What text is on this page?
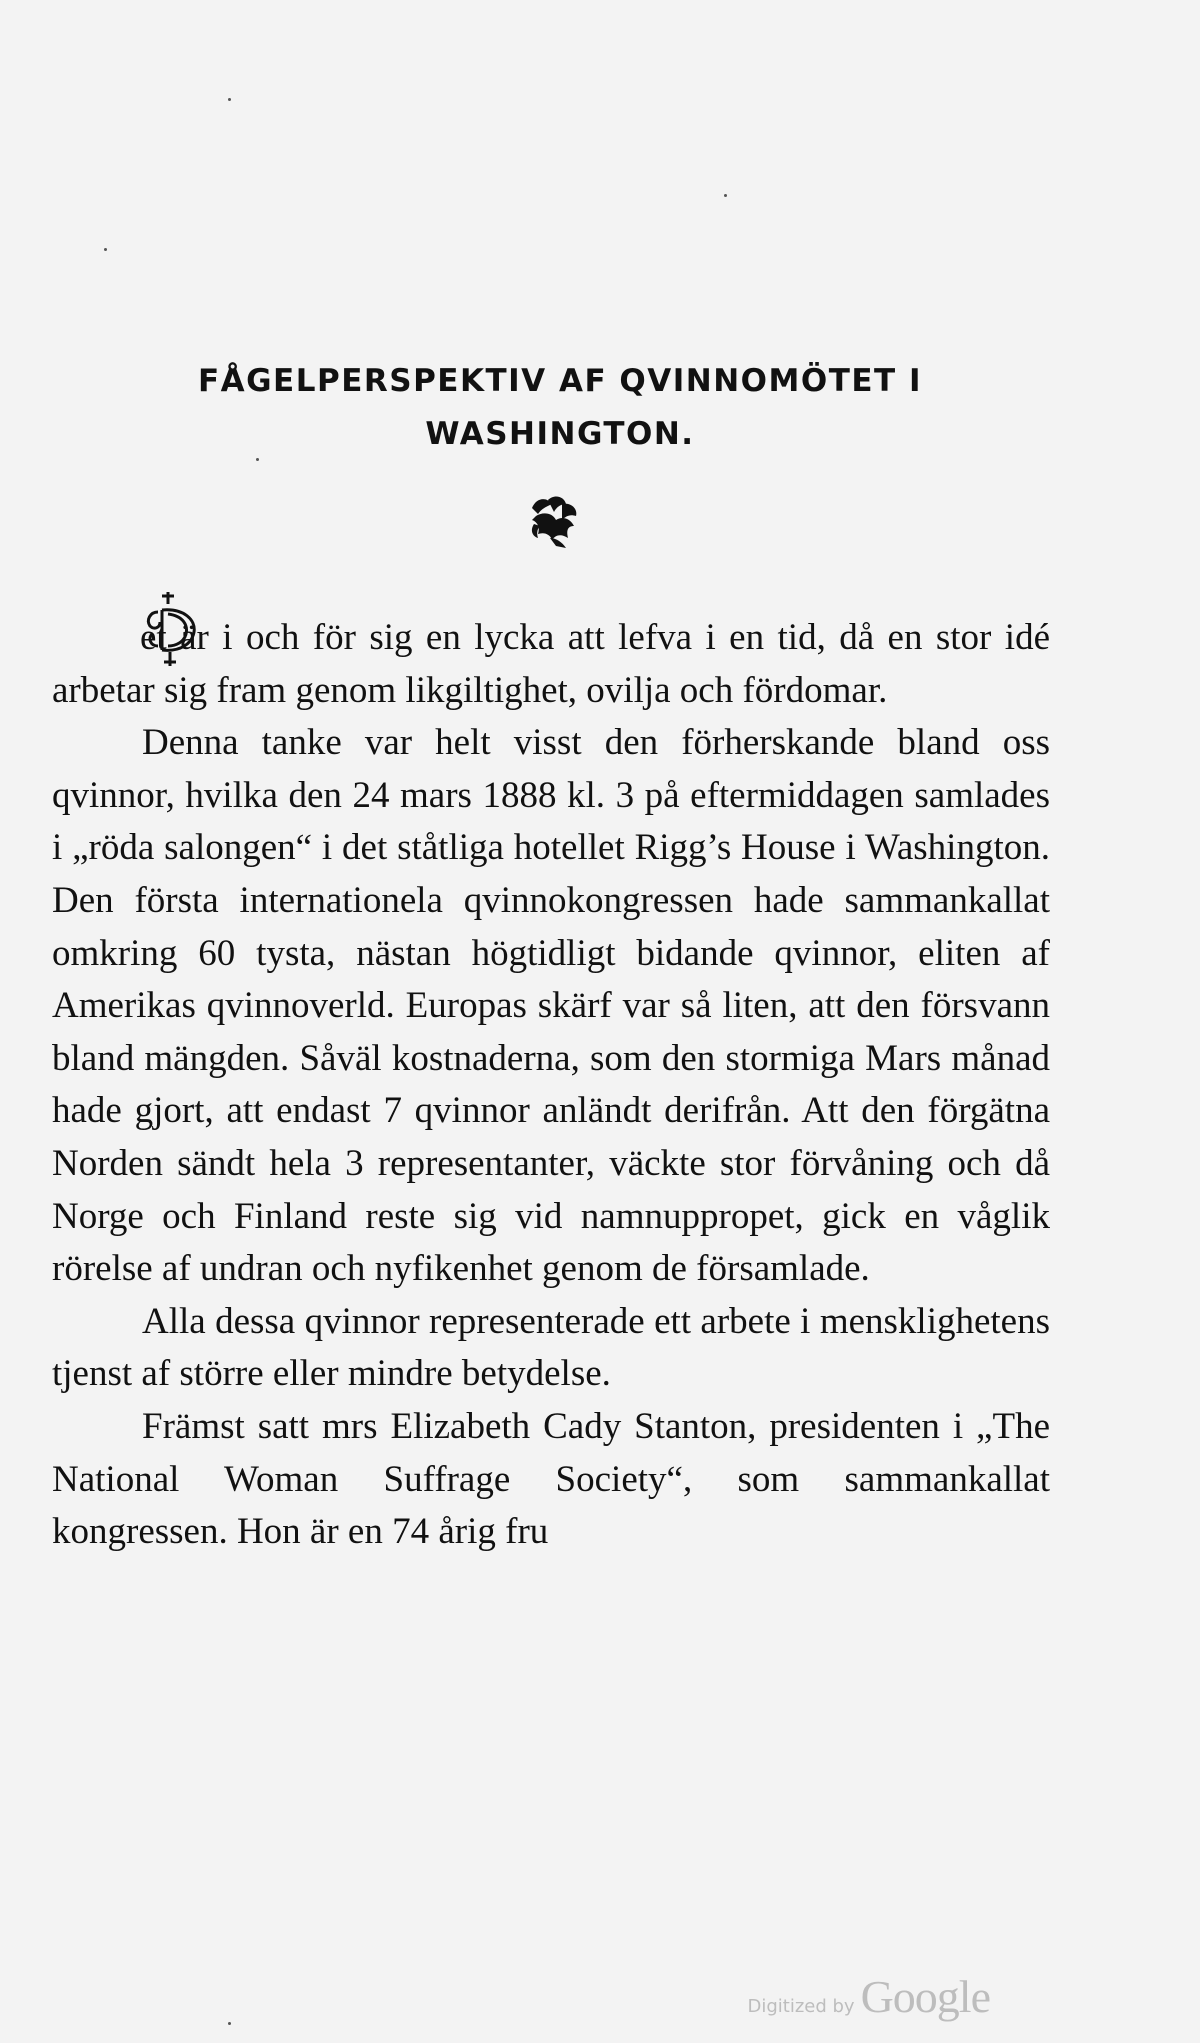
FÅGELPERSPEKTIV AF QVINNOMÖTET I
WASHINGTON.

et är i och för sig en lycka att lefva i en tid, då en stor idé arbetar sig fram genom likgiltighet, ovilja och fördomar.

Denna tanke var helt visst den förherskande bland oss qvinnor, hvilka den 24 mars 1888 kl. 3 på eftermiddagen samlades i „röda salongen“ i det ståtliga hotellet Rigg’s House i Washington. Den första internationela qvinnokongressen hade sammankallat omkring 60 tysta, nästan högtidligt bidande qvinnor, eliten af Amerikas qvinnoverld. Europas skärf var så liten, att den försvann bland mängden. Såväl kostnaderna, som den stormiga Mars månad hade gjort, att endast 7 qvinnor anländt derifrån. Att den förgätna Norden sändt hela 3 representanter, väckte stor förvåning och då Norge och Finland reste sig vid namnuppropet, gick en våglik rörelse af undran och nyfikenhet genom de församlade.

Alla dessa qvinnor representerade ett arbete i mensklighetens tjenst af större eller mindre betydelse.

Främst satt mrs Elizabeth Cady Stanton, presidenten i „The National Woman Suffrage Society“, som sammankallat kongressen. Hon är en 74 årig fru

Digitized by Google
